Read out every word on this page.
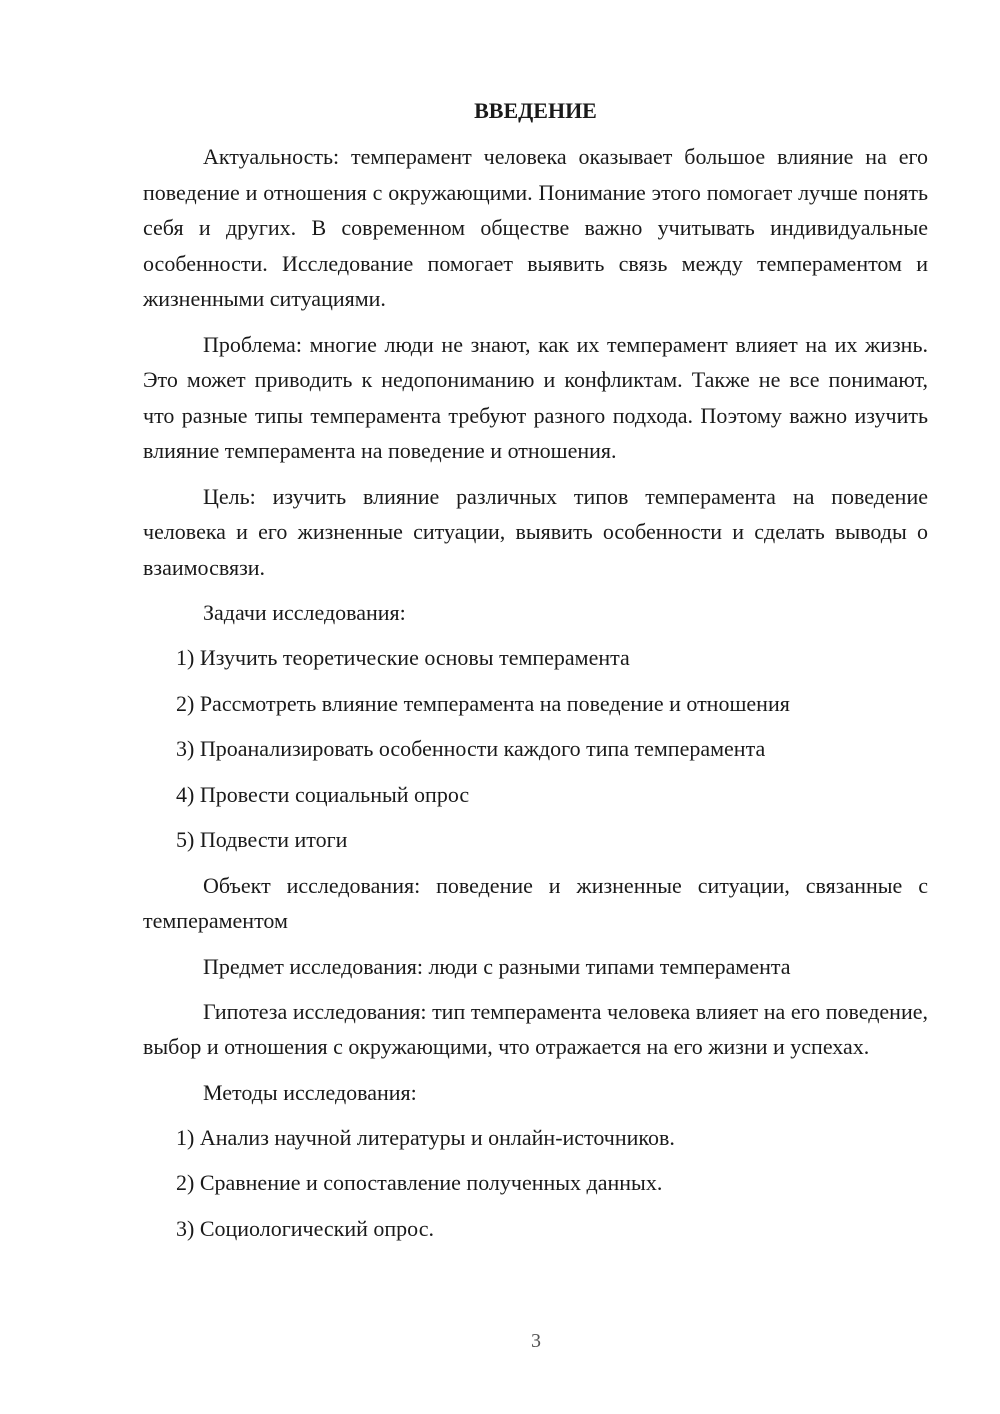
ВВЕДЕНИЕ

Актуальность: темперамент человека оказывает большое влияние на его поведение и отношения с окружающими. Понимание этого помогает лучше понять себя и других. В современном обществе важно учитывать индивидуальные особенности. Исследование помогает выявить связь между темпераментом и жизненными ситуациями.

Проблема: многие люди не знают, как их темперамент влияет на их жизнь. Это может приводить к недопониманию и конфликтам. Также не все понимают, что разные типы темперамента требуют разного подхода. Поэтому важно изучить влияние темперамента на поведение и отношения.

Цель: изучить влияние различных типов темперамента на поведение человека и его жизненные ситуации, выявить особенности и сделать выводы о взаимосвязи.

Задачи исследования:

1) Изучить теоретические основы темперамента

2) Рассмотреть влияние темперамента на поведение и отношения

3) Проанализировать особенности каждого типа темперамента

4) Провести социальный опрос

5) Подвести итоги

Объект исследования: поведение и жизненные ситуации, связанные с темпераментом

Предмет исследования: люди с разными типами темперамента

Гипотеза исследования: тип темперамента человека влияет на его поведение, выбор и отношения с окружающими, что отражается на его жизни и успехах.

Методы исследования:

1) Анализ научной литературы и онлайн-источников.

2) Сравнение и сопоставление полученных данных.

3) Социологический опрос.

3
